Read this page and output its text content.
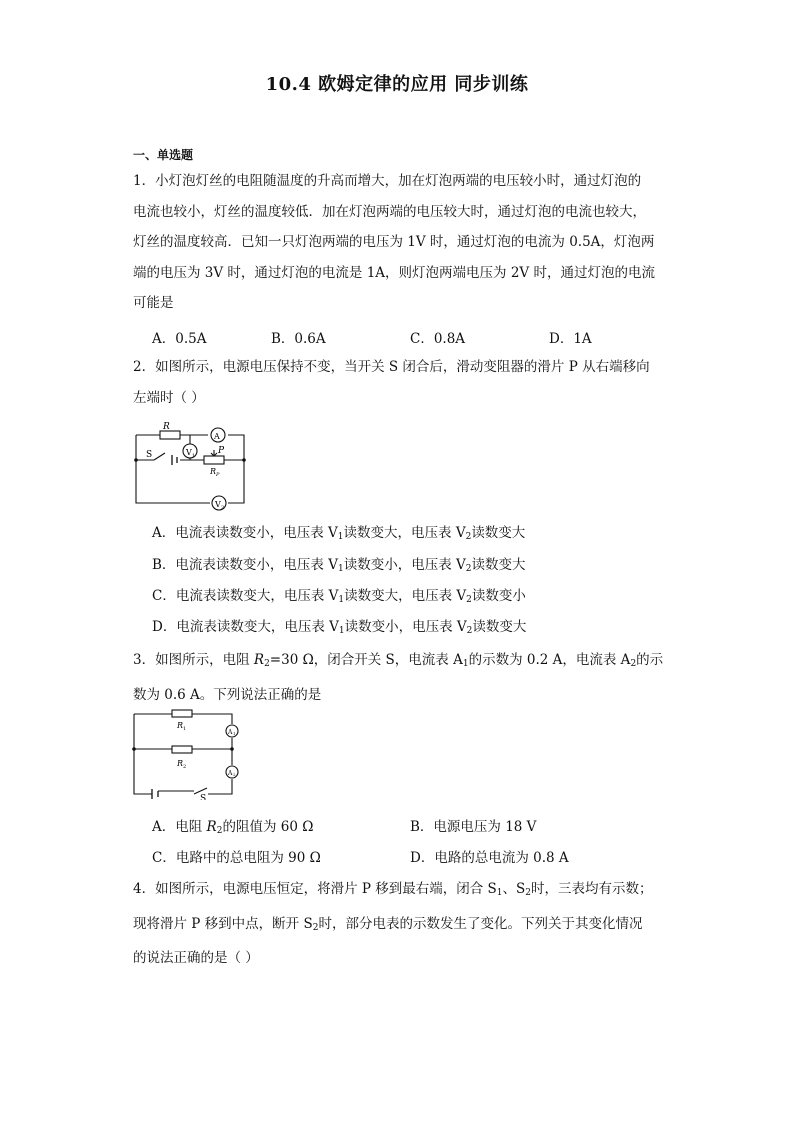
10.4 欧姆定律的应用 同步训练
一、单选题
1．小灯泡灯丝的电阻随温度的升高而增大，加在灯泡两端的电压较小时，通过灯泡的
电流也较小，灯丝的温度较低．加在灯泡两端的电压较大时，通过灯泡的电流也较大，
灯丝的温度较高．已知一只灯泡两端的电压为 1V 时，通过灯泡的电流为 0.5A，灯泡两
端的电压为 3V 时，通过灯泡的电流是 1A，则灯泡两端电压为 2V 时，通过灯泡的电流
可能是
A．0.5A	B．0.6A	C．0.8A	D．1A
2．如图所示，电源电压保持不变，当开关 S 闭合后，滑动变阻器的滑片 P 从右端移向
左端时（ ）
R
A
V 1
S	P
R P
V 2
A．电流表读数变小，电压表 $V_1$读数变大，电压表 $V_2$读数变大
B．电流表读数变小，电压表 $V_1$读数变小，电压表 $V_2$读数变大
C．电流表读数变大，电压表 $V_1$读数变大，电压表 $V_2$读数变小
D．电流表读数变大，电压表 $V_1$读数变小，电压表 $V_2$读数变大
3．如图所示，电阻 $R_2=30$ Ω，闭合开关 S，电流表 $A_1$的示数为 0.2 A，电流表 $A_2$的示
数为 0.6 A。下列说法正确的是
R 1
R 2
A 1
A 2
S
A．电阻 $R_2$的阻值为 60 Ω	B．电源电压为 18 V
C．电路中的总电阻为 90 Ω	D．电路的总电流为 0.8 A
4．如图所示，电源电压恒定，将滑片 P 移到最右端，闭合 $S_1$、$S_2$时，三表均有示数；
现将滑片 P 移到中点，断开 $S_2$时，部分电表的示数发生了变化。下列关于其变化情况
的说法正确的是（ ）
